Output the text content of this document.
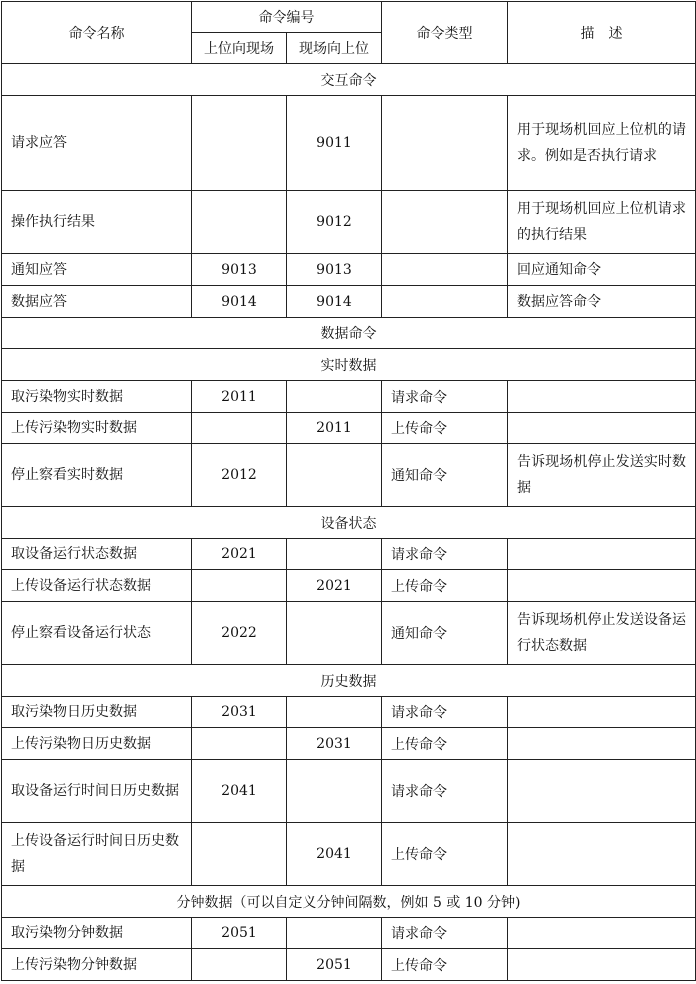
命令名称	命令编号		命令类型	描　述
	上位向现场	现场向上位		
交互命令				
请求应答		9011		用于现场机回应上位机的请求。例如是否执行请求
操作执行结果		9012		用于现场机回应上位机请求的执行结果
通知应答	9013	9013		回应通知命令
数据应答	9014	9014		数据应答命令
数据命令				
实时数据				
取污染物实时数据	2011		请求命令	
上传污染物实时数据		2011	上传命令	
停止察看实时数据	2012		通知命令	告诉现场机停止发送实时数据
设备状态				
取设备运行状态数据	2021		请求命令	
上传设备运行状态数据		2021	上传命令	
停止察看设备运行状态	2022		通知命令	告诉现场机停止发送设备运行状态数据
历史数据				
取污染物日历史数据	2031		请求命令	
上传污染物日历史数据		2031	上传命令	
取设备运行时间日历史数据	2041		请求命令	
上传设备运行时间日历史数据		2041	上传命令	
分钟数据（可以自定义分钟间隔数，例如 5 或 10 分钟)				
取污染物分钟数据	2051		请求命令	
上传污染物分钟数据		2051	上传命令	
